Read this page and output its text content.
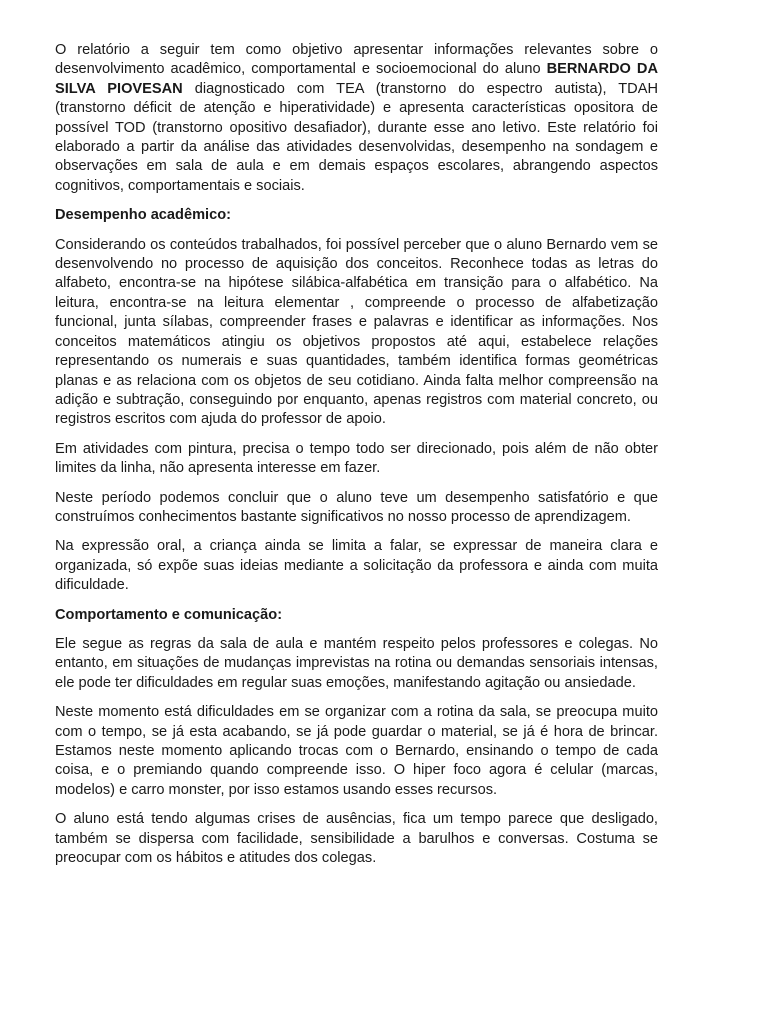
O relatório a seguir tem como objetivo apresentar informações relevantes sobre o desenvolvimento acadêmico, comportamental e socioemocional do aluno BERNARDO DA SILVA PIOVESAN diagnosticado com TEA (transtorno do espectro autista), TDAH (transtorno déficit de atenção e hiperatividade) e apresenta características opositora de possível TOD (transtorno opositivo desafiador), durante esse ano letivo. Este relatório foi elaborado a partir da análise das atividades desenvolvidas, desempenho na sondagem e observações em sala de aula e em demais espaços escolares, abrangendo aspectos cognitivos, comportamentais e sociais.

Desempenho acadêmico:

Considerando os conteúdos trabalhados, foi possível perceber que o aluno Bernardo vem se desenvolvendo no processo de aquisição dos conceitos. Reconhece todas as letras do alfabeto, encontra-se na hipótese silábica-alfabética em transição para o alfabético. Na leitura, encontra-se na leitura elementar , compreende o processo de alfabetização funcional, junta sílabas, compreender frases e palavras e identificar as informações. Nos conceitos matemáticos atingiu os objetivos propostos até aqui, estabelece relações representando os numerais e suas quantidades, também identifica formas geométricas planas e as relaciona com os objetos de seu cotidiano. Ainda falta melhor compreensão na adição e subtração, conseguindo por enquanto, apenas registros com material concreto, ou registros escritos com ajuda do professor de apoio.

Em atividades com pintura, precisa o tempo todo ser direcionado, pois além de não obter limites da linha, não apresenta interesse em fazer.

Neste período podemos concluir que o aluno teve um desempenho satisfatório e que construímos conhecimentos bastante significativos no nosso processo de aprendizagem.

Na expressão oral, a criança ainda se limita a falar, se expressar de maneira clara e organizada, só expõe suas ideias mediante a solicitação da professora e ainda com muita dificuldade.

Comportamento e comunicação:

Ele segue as regras da sala de aula e mantém respeito pelos professores e colegas. No entanto, em situações de mudanças imprevistas na rotina ou demandas sensoriais intensas, ele pode ter dificuldades em regular suas emoções, manifestando agitação ou ansiedade.

Neste momento está dificuldades em se organizar com a rotina da sala, se preocupa muito com o tempo, se já esta acabando, se já pode guardar o material, se já é hora de brincar. Estamos neste momento aplicando trocas com o Bernardo, ensinando o tempo de cada coisa, e o premiando quando compreende isso. O hiper foco agora é celular (marcas, modelos) e carro monster, por isso estamos usando esses recursos.

O aluno está tendo algumas crises de ausências, fica um tempo parece que desligado, também se dispersa com facilidade, sensibilidade a barulhos e conversas. Costuma se preocupar com os hábitos e atitudes dos colegas.
